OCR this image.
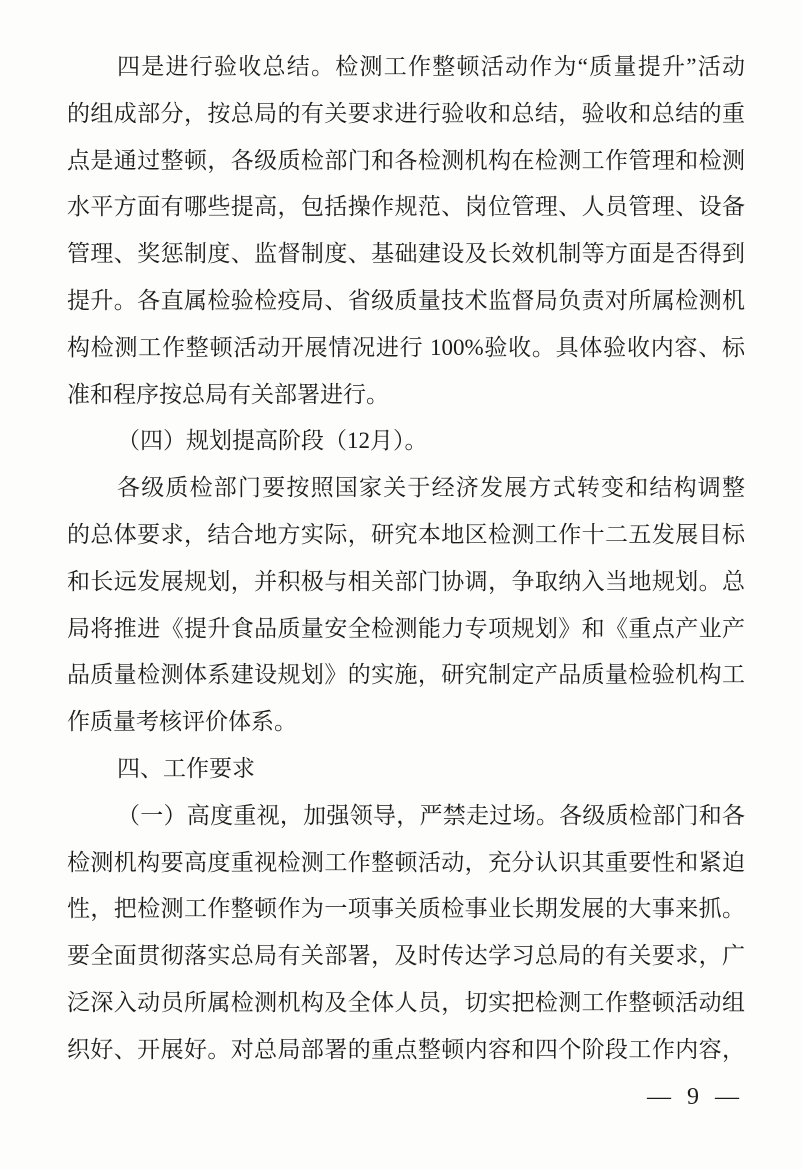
四是进行验收总结。检测工作整顿活动作为“质量提升”活动
的组成部分，按总局的有关要求进行验收和总结，验收和总结的重
点是通过整顿，各级质检部门和各检测机构在检测工作管理和检测
水平方面有哪些提高，包括操作规范、岗位管理、人员管理、设备
管理、奖惩制度、监督制度、基础建设及长效机制等方面是否得到
提升。各直属检验检疫局、省级质量技术监督局负责对所属检测机
构检测工作整顿活动开展情况进行 100%验收。具体验收内容、标
准和程序按总局有关部署进行。
（四）规划提高阶段（12月）。
各级质检部门要按照国家关于经济发展方式转变和结构调整
的总体要求，结合地方实际，研究本地区检测工作十二五发展目标
和长远发展规划，并积极与相关部门协调，争取纳入当地规划。总
局将推进《提升食品质量安全检测能力专项规划》和《重点产业产
品质量检测体系建设规划》的实施，研究制定产品质量检验机构工
作质量考核评价体系。
四、工作要求
（一）高度重视，加强领导，严禁走过场。各级质检部门和各
检测机构要高度重视检测工作整顿活动，充分认识其重要性和紧迫
性，把检测工作整顿作为一项事关质检事业长期发展的大事来抓。
要全面贯彻落实总局有关部署，及时传达学习总局的有关要求，广
泛深入动员所属检测机构及全体人员，切实把检测工作整顿活动组
织好、开展好。对总局部署的重点整顿内容和四个阶段工作内容，
— 9 —
